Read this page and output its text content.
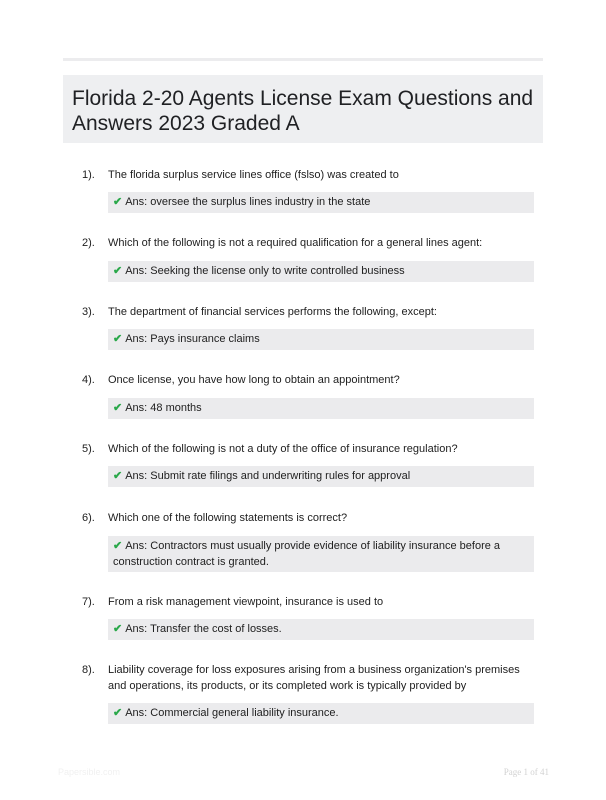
Florida 2-20 Agents License Exam Questions and Answers 2023 Graded A
1). The florida surplus service lines office (fslso) was created to
✔ Ans: oversee the surplus lines industry in the state
2). Which of the following is not a required qualification for a general lines agent:
✔ Ans: Seeking the license only to write controlled business
3). The department of financial services performs the following, except:
✔ Ans: Pays insurance claims
4). Once license, you have how long to obtain an appointment?
✔ Ans: 48 months
5). Which of the following is not a duty of the office of insurance regulation?
✔ Ans: Submit rate filings and underwriting rules for approval
6). Which one of the following statements is correct?
✔ Ans: Contractors must usually provide evidence of liability insurance before a construction contract is granted.
7). From a risk management viewpoint, insurance is used to
✔ Ans: Transfer the cost of losses.
8). Liability coverage for loss exposures arising from a business organization's premises and operations, its products, or its completed work is typically provided by
✔ Ans: Commercial general liability insurance.
Papersible.com	Page 1 of 41
